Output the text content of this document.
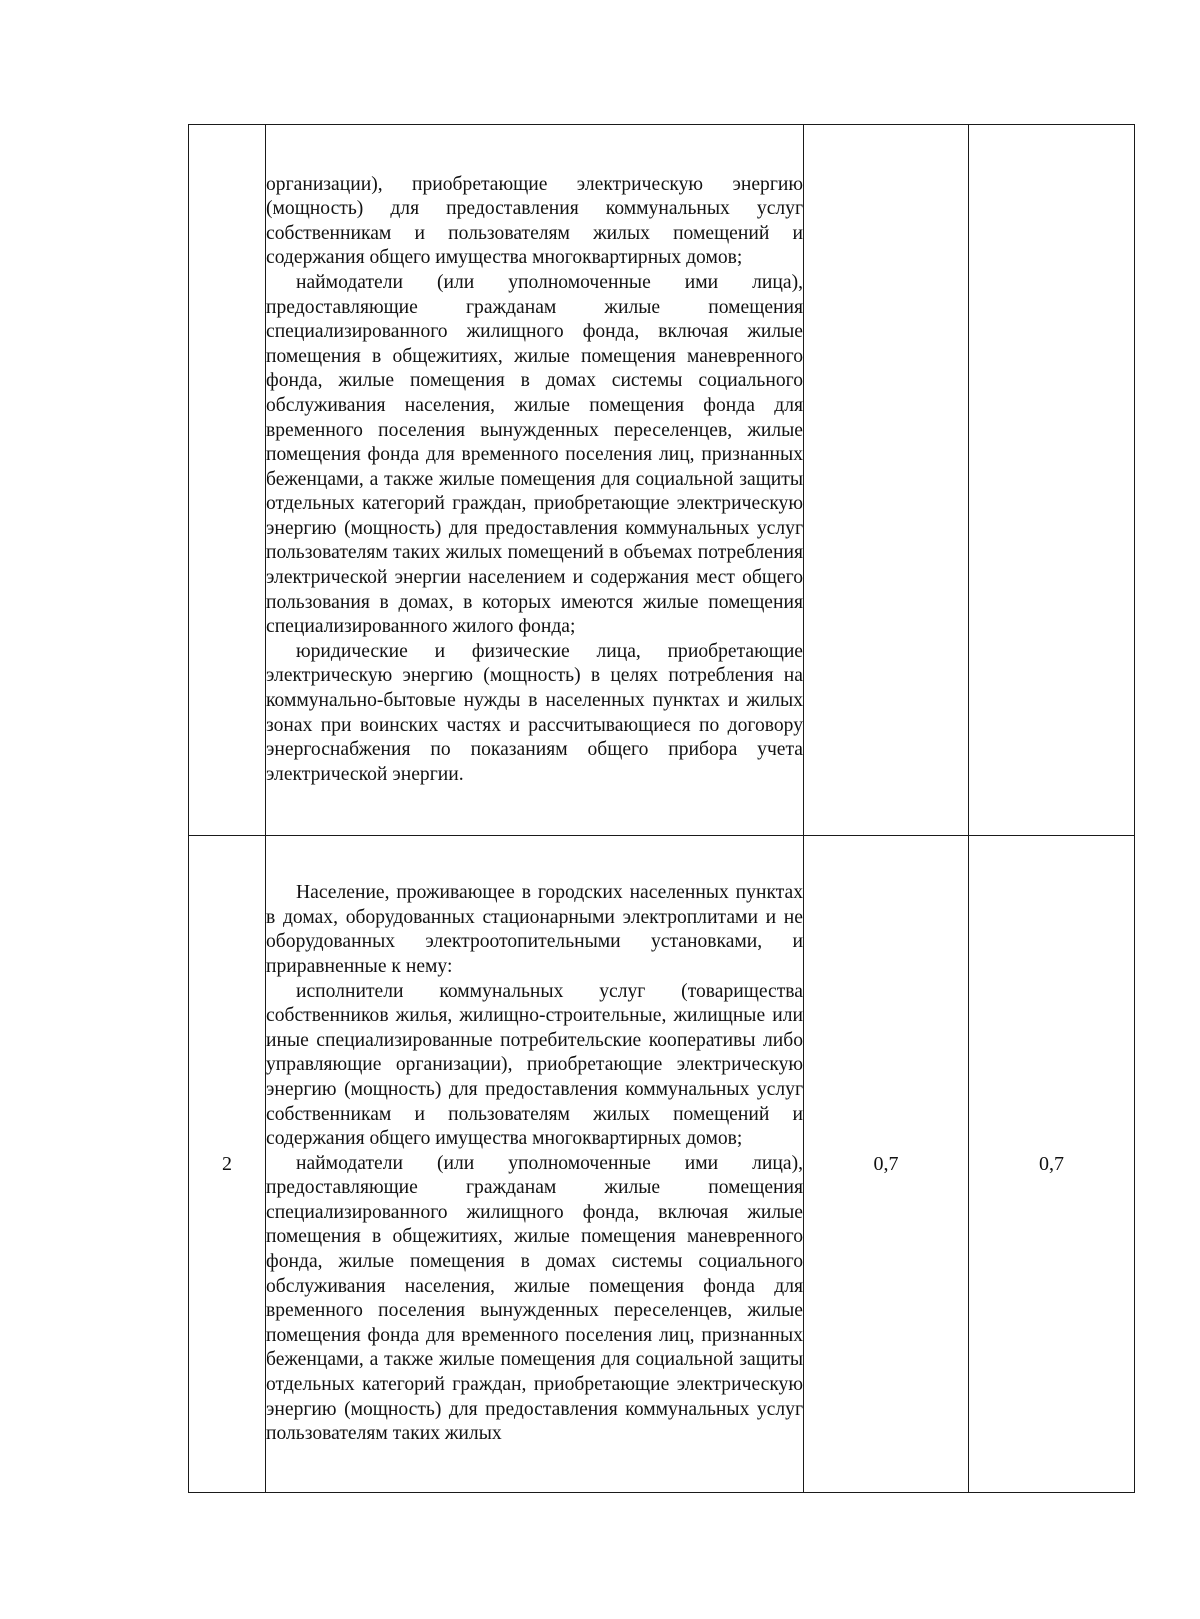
	организации), приобретающие электрическую энергию (мощность) для предоставления коммунальных услуг собственникам и пользователям жилых помещений и содержания общего имущества многоквартирных домов;

наймодатели (или уполномоченные ими лица), предоставляющие гражданам жилые помещения специализированного жилищного фонда, включая жилые помещения в общежитиях, жилые помещения маневренного фонда, жилые помещения в домах системы социального обслуживания населения, жилые помещения фонда для временного поселения вынужденных переселенцев, жилые помещения фонда для временного поселения лиц, признанных беженцами, а также жилые помещения для социальной защиты отдельных категорий граждан, приобретающие электрическую энергию (мощность) для предоставления коммунальных услуг пользователям таких жилых помещений в объемах потребления электрической энергии населением и содержания мест общего пользования в домах, в которых имеются жилые помещения специализированного жилого фонда;

юридические и физические лица, приобретающие электрическую энергию (мощность) в целях потребления на коммунально-бытовые нужды в населенных пунктах и жилых зонах при воинских частях и рассчитывающиеся по договору энергоснабжения по показаниям общего прибора учета электрической энергии.		

2	Население, проживающее в городских населенных пунктах в домах, оборудованных стационарными электроплитами и не оборудованных электроотопительными установками, и приравненные к нему:

исполнители коммунальных услуг (товарищества собственников жилья, жилищно-строительные, жилищные или иные специализированные потребительские кооперативы либо управляющие организации), приобретающие электрическую энергию (мощность) для предоставления коммунальных услуг собственникам и пользователям жилых помещений и содержания общего имущества многоквартирных домов;

наймодатели (или уполномоченные ими лица), предоставляющие гражданам жилые помещения специализированного жилищного фонда, включая жилые помещения в общежитиях, жилые помещения маневренного фонда, жилые помещения в домах системы социального обслуживания населения, жилые помещения фонда для временного поселения вынужденных переселенцев, жилые помещения фонда для временного поселения лиц, признанных беженцами, а также жилые помещения для социальной защиты отдельных категорий граждан, приобретающие электрическую энергию (мощность) для предоставления коммунальных услуг пользователям таких жилых	0,7	0,7
